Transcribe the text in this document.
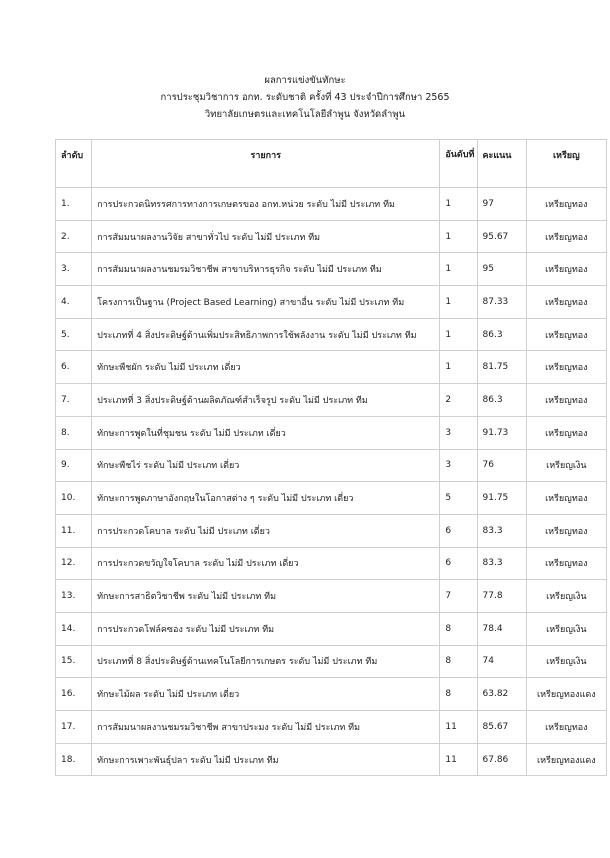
ผลการแข่งขันทักษะ
การประชุมวิชาการ อกท. ระดับชาติ ครั้งที่ 43 ประจำปีการศึกษา 2565
วิทยาลัยเกษตรและเทคโนโลยีลำพูน จังหวัดลำพูน
ลำดับ	รายการ	อันดับที่	คะแนน	เหรียญ
1.	การประกวดนิทรรศการทางการเกษตรของ อกท.หน่วย ระดับ ไม่มี ประเภท ทีม	1	97	เหรียญทอง
2.	การสัมมนาผลงานวิจัย สาขาทั่วไป ระดับ ไม่มี ประเภท ทีม	1	95.67	เหรียญทอง
3.	การสัมมนาผลงานชมรมวิชาชีพ สาขาบริหารธุรกิจ ระดับ ไม่มี ประเภท ทีม	1	95	เหรียญทอง
4.	โครงการเป็นฐาน (Project Based Learning) สาขาอื่น ระดับ ไม่มี ประเภท ทีม	1	87.33	เหรียญทอง
5.	ประเภทที่ 4 สิ่งประดิษฐ์ด้านเพิ่มประสิทธิภาพการใช้พลังงาน ระดับ ไม่มี ประเภท ทีม	1	86.3	เหรียญทอง
6.	ทักษะพืชผัก ระดับ ไม่มี ประเภท เดี่ยว	1	81.75	เหรียญทอง
7.	ประเภทที่ 3 สิ่งประดิษฐ์ด้านผลิตภัณฑ์สำเร็จรูป ระดับ ไม่มี ประเภท ทีม	2	86.3	เหรียญทอง
8.	ทักษะการพูดในที่ชุมชน ระดับ ไม่มี ประเภท เดี่ยว	3	91.73	เหรียญทอง
9.	ทักษะพืชไร่ ระดับ ไม่มี ประเภท เดี่ยว	3	76	เหรียญเงิน
10.	ทักษะการพูดภาษาอังกฤษในโอกาสต่าง ๆ ระดับ ไม่มี ประเภท เดี่ยว	5	91.75	เหรียญทอง
11.	การประกวดโคบาล ระดับ ไม่มี ประเภท เดี่ยว	6	83.3	เหรียญทอง
12.	การประกวดขวัญใจโคบาล ระดับ ไม่มี ประเภท เดี่ยว	6	83.3	เหรียญทอง
13.	ทักษะการสาธิตวิชาชีพ ระดับ ไม่มี ประเภท ทีม	7	77.8	เหรียญเงิน
14.	การประกวดโฟล์คซอง ระดับ ไม่มี ประเภท ทีม	8	78.4	เหรียญเงิน
15.	ประเภทที่ 8 สิ่งประดิษฐ์ด้านเทคโนโลยีการเกษตร ระดับ ไม่มี ประเภท ทีม	8	74	เหรียญเงิน
16.	ทักษะไม้ผล ระดับ ไม่มี ประเภท เดี่ยว	8	63.82	เหรียญทองแดง
17.	การสัมมนาผลงานชมรมวิชาชีพ สาขาประมง ระดับ ไม่มี ประเภท ทีม	11	85.67	เหรียญทอง
18.	ทักษะการเพาะพันธุ์ปลา ระดับ ไม่มี ประเภท ทีม	11	67.86	เหรียญทองแดง
